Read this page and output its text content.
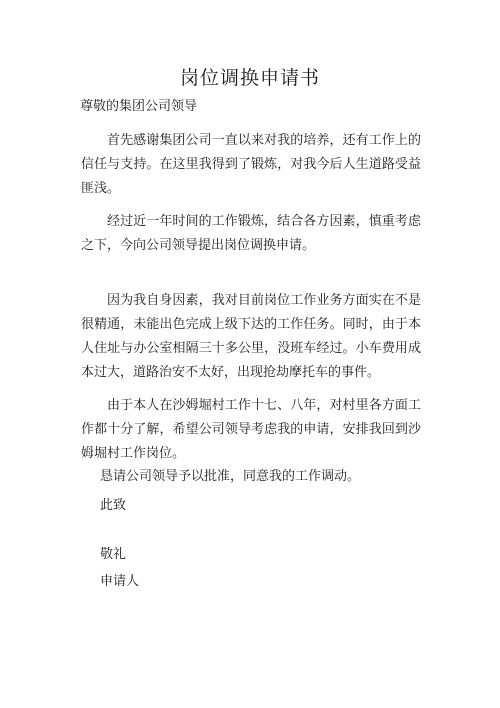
岗位调换申请书
尊敬的集团公司领导

首先感谢集团公司一直以来对我的培养，还有工作上的信任与支持。在这里我得到了锻炼，对我今后人生道路受益匪浅。

经过近一年时间的工作锻炼，结合各方因素，慎重考虑之下，今向公司领导提出岗位调换申请。

因为我自身因素，我对目前岗位工作业务方面实在不是很精通，未能出色完成上级下达的工作任务。同时，由于本人住址与办公室相隔三十多公里，没班车经过。小车费用成本过大，道路治安不太好，出现抢劫摩托车的事件。

由于本人在沙姆堀村工作十七、八年，对村里各方面工作都十分了解，希望公司领导考虑我的申请，安排我回到沙姆堀村工作岗位。

恳请公司领导予以批准，同意我的工作调动。
此致
敬礼
申请人
